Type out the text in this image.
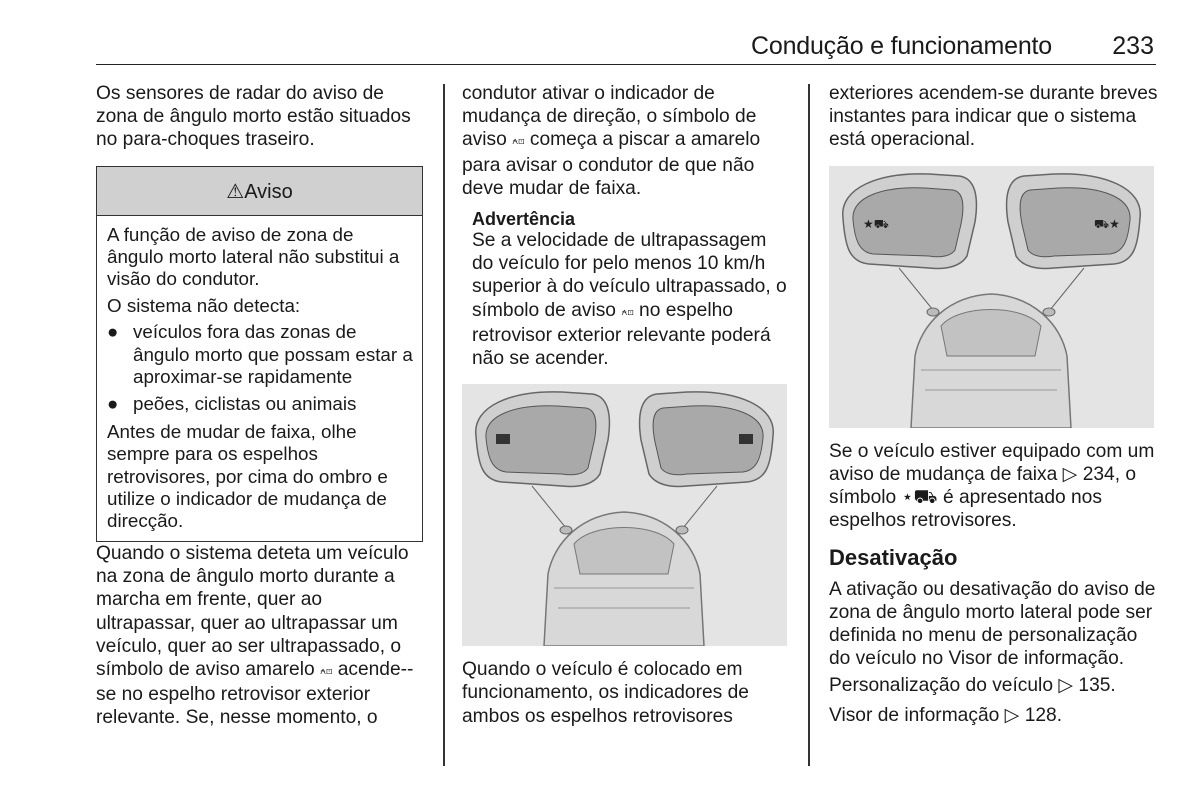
Condução e funcionamento 233

Os sensores de radar do aviso de zona de ângulo morto estão situados no para-choques traseiro.

⚠Aviso

A função de aviso de zona de ângulo morto lateral não substitui a visão do condutor.

O sistema não detecta:

● veículos fora das zonas de ângulo morto que possam estar a aproximar-se rapidamente
● peões, ciclistas ou animais

Antes de mudar de faixa, olhe sempre para os espelhos retrovisores, por cima do ombro e utilize o indicador de mudança de direcção.

Quando o sistema deteta um veículo na zona de ângulo morto durante a marcha em frente, quer ao ultrapassar, quer ao ultrapassar um veículo, quer ao ser ultrapassado, o símbolo de aviso amarelo ⍲⊡ acende--se no espelho retrovisor exterior relevante. Se, nesse momento, o

condutor ativar o indicador de mudança de direção, o símbolo de aviso ⍲⊡ começa a piscar a amarelo para avisar o condutor de que não deve mudar de faixa.

Advertência

Se a velocidade de ultrapassagem do veículo for pelo menos 10 km/h superior à do veículo ultrapassado, o símbolo de aviso ⍲⊡ no espelho retrovisor exterior relevante poderá não se acender.

Quando o veículo é colocado em funcionamento, os indicadores de ambos os espelhos retrovisores

exteriores acendem-se durante breves instantes para indicar que o sistema está operacional.

★⛟	⛟★

Se o veículo estiver equipado com um aviso de mudança de faixa ▷ 234, o símbolo ⋆⛟ é apresentado nos espelhos retrovisores.

Desativação

A ativação ou desativação do aviso de zona de ângulo morto lateral pode ser definida no menu de personalização do veículo no Visor de informação.

Personalização do veículo ▷ 135.

Visor de informação ▷ 128.
